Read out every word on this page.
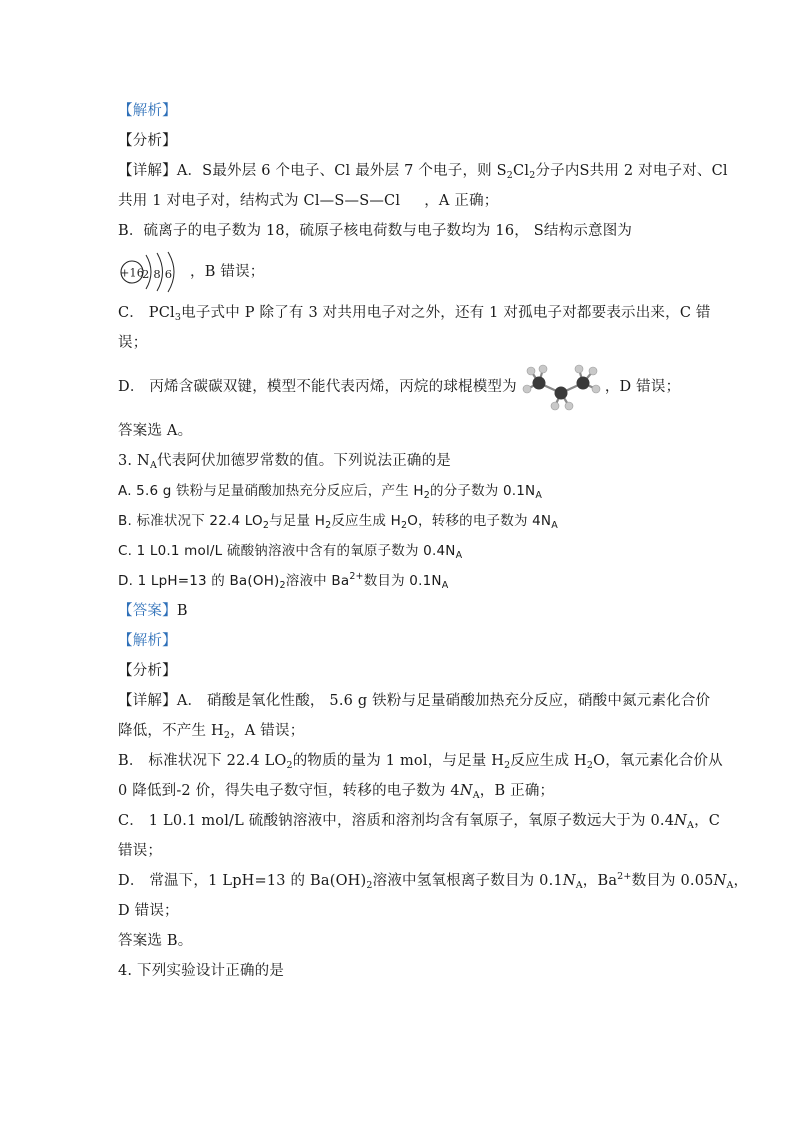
【解析】
【分析】
【详解】A．S最外层 6 个电子、Cl 最外层 7 个电子，则 $S_2Cl_2$分子内S共用 2 对电子对、Cl
共用 1 对电子对，结构式为 Cl—S—S—Cl ，A 正确；
B．硫离子的电子数为 18，硫原子核电荷数与电子数均为 16， S结构示意图为
+16
2 8 6 ，B 错误；
C． PCl$_3$电子式中 P 除了有 3 对共用电子对之外，还有 1 对孤电子对都要表示出来，C 错
误；
D． 丙烯含碳碳双键，模型不能代表丙烯，丙烷的球棍模型为	，D 错误；
答案选 A。
3. $N_A$代表阿伏加德罗常数的值。下列说法正确的是
A. 5.6 g 铁粉与足量硝酸加热充分反应后，产生 $H_2$的分子数为 $0.1N_A$
B. 标准状况下 22.4 $LO_2$与足量 $H_2$反应生成 $H_2O$，转移的电子数为 $4N_A$
C. 1 L0.1 mol/L 硫酸钠溶液中含有的氧原子数为 $0.4N_A$
D. 1 LpH=13 的 $Ba(OH)_2$溶液中 $Ba^{2+}$数目为 $0.1N_A$
【答案】B
【解析】
【分析】
【详解】A． 硝酸是氧化性酸， 5.6 g 铁粉与足量硝酸加热充分反应，硝酸中氮元素化合价
降低，不产生 $H_2$，A 错误；
B． 标准状况下 22.4 $LO_2$的物质的量为 1 mol，与足量 $H_2$反应生成 $H_2O$，氧元素化合价从
0 降低到-2 价，得失电子数守恒，转移的电子数为 $4N_A$，B 正确；
C． 1 L0.1 mol/L 硫酸钠溶液中，溶质和溶剂均含有氧原子，氧原子数远大于为 $0.4N_A$，C
错误；
D． 常温下，1 LpH=13 的 $Ba(OH)_2$溶液中氢氧根离子数目为 $0.1N_A$，$Ba^{2+}$数目为 $0.05N_A$，
D 错误；
答案选 B。
4. 下列实验设计正确的是
